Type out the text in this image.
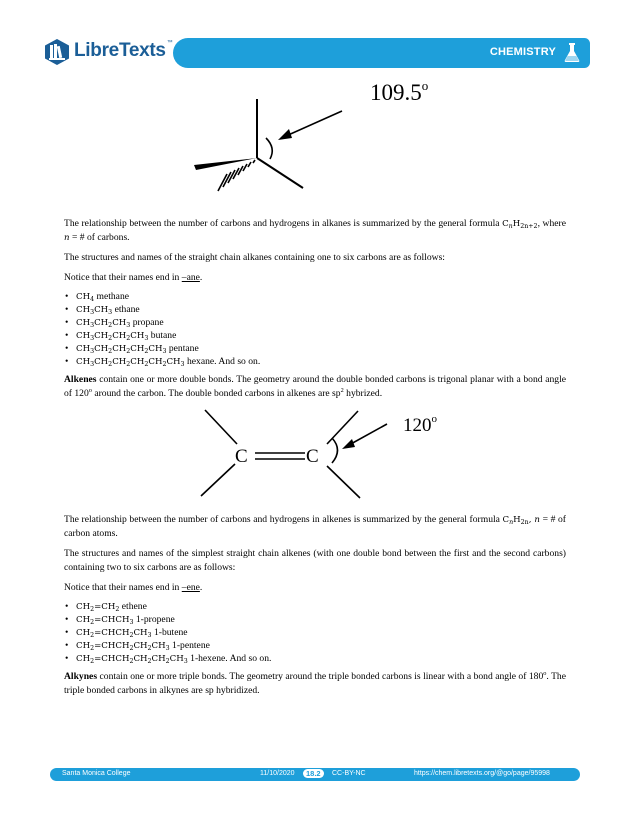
LibreTexts™
CHEMISTRY
109.5$^o$

The relationship between the number of carbons and hydrogens in alkanes is summarized by the general formula $C_nH_{2n+2}$, where n = # of carbons.

The structures and names of the straight chain alkanes containing one to six carbons are as follows:

Notice that their names end in –ane.

• $CH_4$ methane
• $CH_3CH_3$ ethane
• $CH_3CH_2CH_3$ propane
• $CH_3CH_2CH_2CH_3$ butane
• $CH_3CH_2CH_2CH_2CH_3$ pentane
• $CH_3CH_2CH_2CH_2CH_2CH_3$ hexane. And so on.

Alkenes contain one or more double bonds. The geometry around the double bonded carbons is trigonal planar with a bond angle of 120$^o$ around the carbon. The double bonded carbons in alkenes are $sp^2$ hybrized.

C	C
120$^o$

The relationship between the number of carbons and hydrogens in alkenes is summarized by the general formula $C_nH_{2n}$, n = # of carbon atoms.

The structures and names of the simplest straight chain alkenes (with one double bond between the first and the second carbons) containing two to six carbons are as follows:

Notice that their names end in –ene.

• $CH_2=CH_2$ ethene
• $CH_2=CHCH_3$ 1-propene
• $CH_2=CHCH_2CH_3$ 1-butene
• $CH_2=CHCH_2CH_2CH_3$ 1-pentene
• $CH_2=CHCH_2CH_2CH_2CH_3$ 1-hexene. And so on.

Alkynes contain one or more triple bonds. The geometry around the triple bonded carbons is linear with a bond angle of 180$^o$. The triple bonded carbons in alkynes are sp hybridized.

Santa Monica College	11/10/2020	18.2	CC-BY-NC	https://chem.libretexts.org/@go/page/95998
